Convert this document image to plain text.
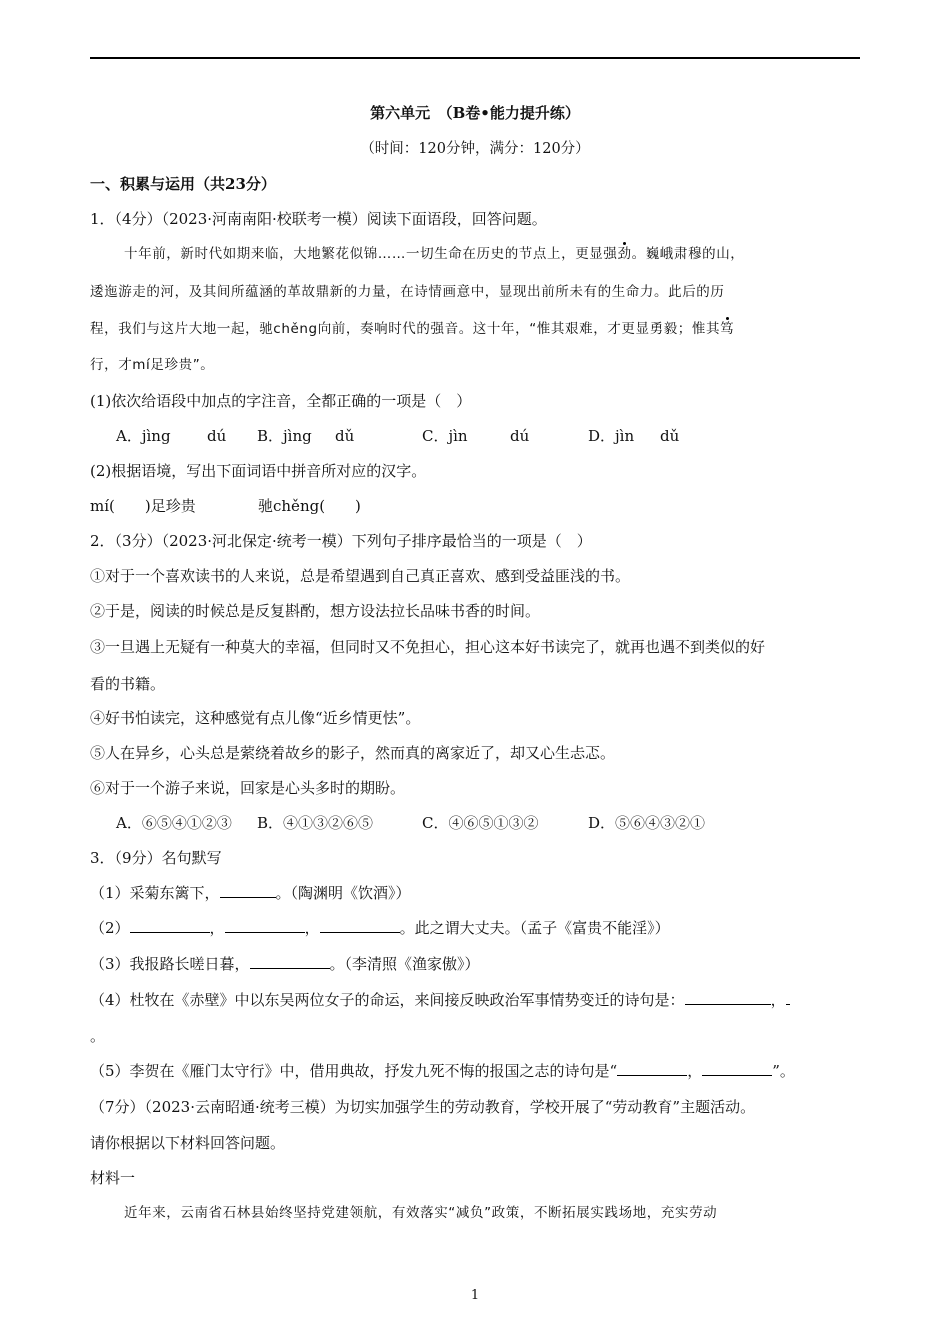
第六单元　（B卷•能力提升练）
（时间：120分钟，满分：120分）
一、积累与运用（共23分）
1．（4分）（2023·河南南阳·校联考一模）阅读下面语段，回答问题。
十年前，新时代如期来临，大地繁花似锦……一切生命在历史的节点上，更显强劲。巍峨肃穆的山，
逶迤游走的河，及其间所蕴涵的革故鼎新的力量，在诗情画意中，显现出前所未有的生命力。此后的历
程，我们与这片大地一起，驰chěng向前，奏响时代的强音。这十年，“惟其艰难，才更显勇毅；惟其笃
行，才mí足珍贵”。
(1)依次给语段中加点的字注音，全都正确的一项是（　）
A．jìng dú B．jìng dǔ	C．jìn	dú	D．jìn dǔ
(2)根据语境，写出下面词语中拼音所对应的汉字。
mí(　　)足珍贵	驰chěng(　　)
2．（3分）（2023·河北保定·统考一模）下列句子排序最恰当的一项是（　）
①对于一个喜欢读书的人来说，总是希望遇到自己真正喜欢、感到受益匪浅的书。
②于是，阅读的时候总是反复斟酌，想方设法拉长品味书香的时间。
③一旦遇上无疑有一种莫大的幸福，但同时又不免担心，担心这本好书读完了，就再也遇不到类似的好
看的书籍。
④好书怕读完，这种感觉有点儿像“近乡情更怯”。
⑤人在异乡，心头总是萦绕着故乡的影子，然而真的离家近了，却又心生忐忑。
⑥对于一个游子来说，回家是心头多时的期盼。
A．⑥⑤④①②③ B．④①③②⑥⑤	C．④⑥⑤①③②	D．⑤⑥④③②①
3．（9分）名句默写
（1）采菊东篱下，	。（陶渊明《饮酒》）
（2）	，	，	。此之谓大丈夫。（孟子《富贵不能淫》）
（3）我报路长嗟日暮，	。（李清照《渔家傲》）
（4）杜牧在《赤壁》中以东吴两位女子的命运，来间接反映政治军事情势变迁的诗句是：	，
。
（5）李贺在《雁门太守行》中，借用典故，抒发九死不悔的报国之志的诗句是“	，	”。
（7分）（2023·云南昭通·统考三模）为切实加强学生的劳动教育，学校开展了“劳动教育”主题活动。
请你根据以下材料回答问题。
材料一
近年来，云南省石林县始终坚持党建领航，有效落实“减负”政策，不断拓展实践场地，充实劳动
1
